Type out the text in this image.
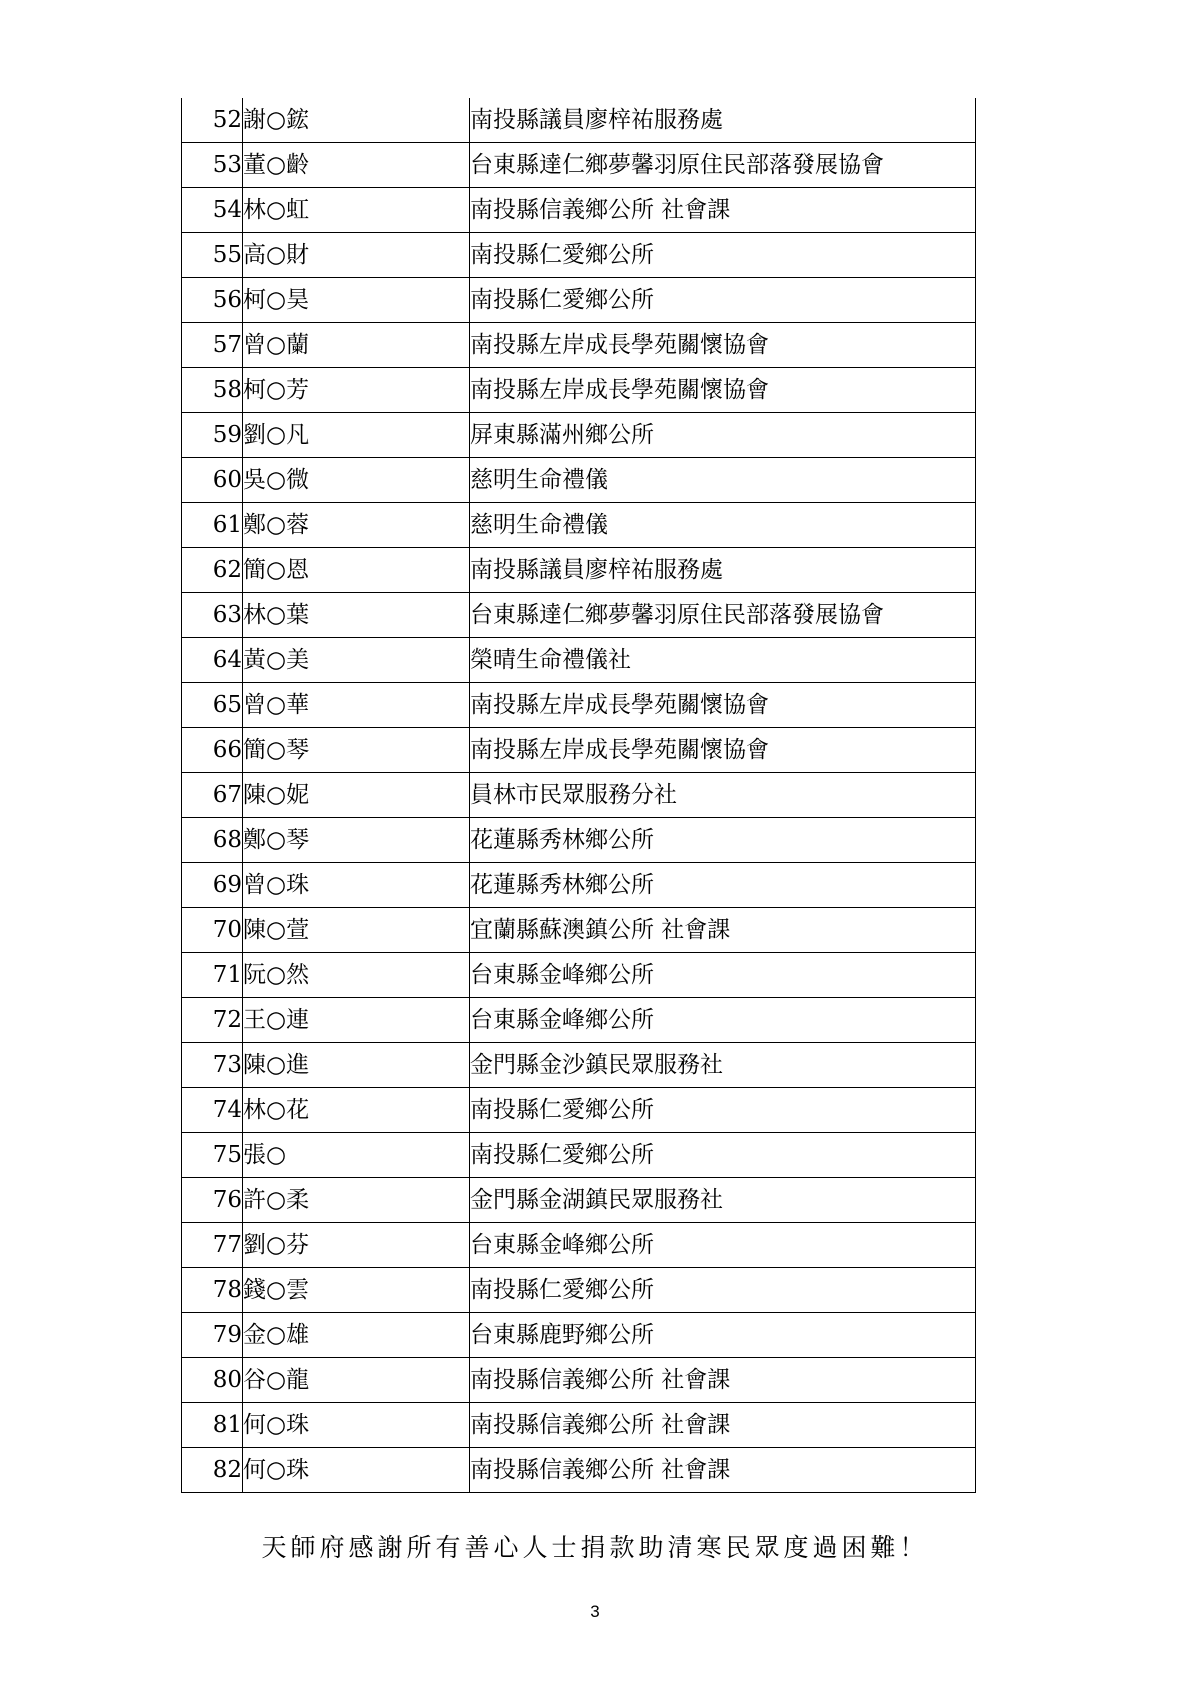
52	謝○鋐	南投縣議員廖梓祐服務處
53	董○齡	台東縣達仁鄉夢馨羽原住民部落發展協會
54	林○虹	南投縣信義鄉公所 社會課
55	高○財	南投縣仁愛鄉公所
56	柯○昊	南投縣仁愛鄉公所
57	曾○蘭	南投縣左岸成長學苑關懷協會
58	柯○芳	南投縣左岸成長學苑關懷協會
59	劉○凡	屏東縣滿州鄉公所
60	吳○微	慈明生命禮儀
61	鄭○蓉	慈明生命禮儀
62	簡○恩	南投縣議員廖梓祐服務處
63	林○葉	台東縣達仁鄉夢馨羽原住民部落發展協會
64	黃○美	榮晴生命禮儀社
65	曾○華	南投縣左岸成長學苑關懷協會
66	簡○琴	南投縣左岸成長學苑關懷協會
67	陳○妮	員林市民眾服務分社
68	鄭○琴	花蓮縣秀林鄉公所
69	曾○珠	花蓮縣秀林鄉公所
70	陳○萱	宜蘭縣蘇澳鎮公所 社會課
71	阮○然	台東縣金峰鄉公所
72	王○連	台東縣金峰鄉公所
73	陳○進	金門縣金沙鎮民眾服務社
74	林○花	南投縣仁愛鄉公所
75	張○	南投縣仁愛鄉公所
76	許○柔	金門縣金湖鎮民眾服務社
77	劉○芬	台東縣金峰鄉公所
78	錢○雲	南投縣仁愛鄉公所
79	金○雄	台東縣鹿野鄉公所
80	谷○龍	南投縣信義鄉公所 社會課
81	何○珠	南投縣信義鄉公所 社會課
82	何○珠	南投縣信義鄉公所 社會課
天師府感謝所有善心人士捐款助清寒民眾度過困難！
3
